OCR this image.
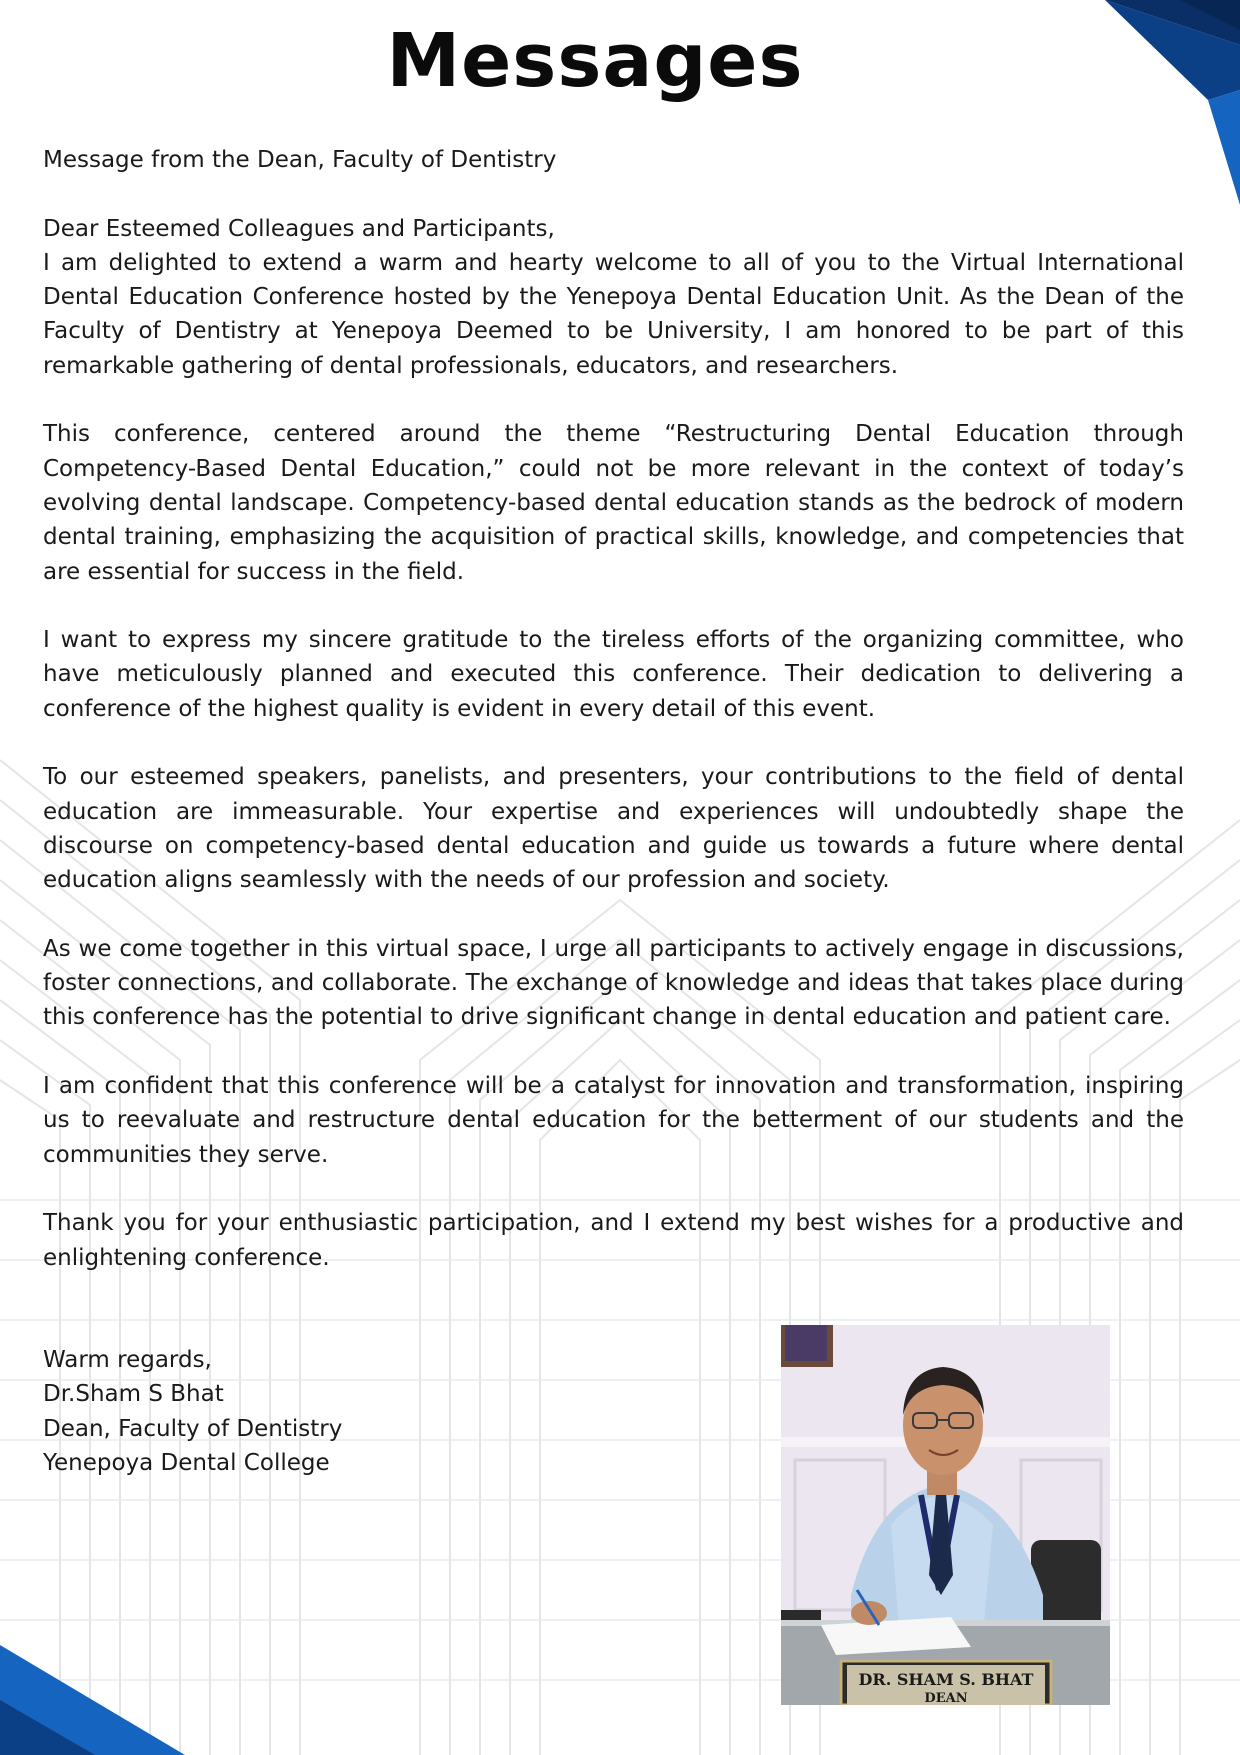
Messages

Message from the Dean, Faculty of Dentistry

Dear Esteemed Colleagues and Participants,

I am delighted to extend a warm and hearty welcome to all of you to the Virtual International Dental Education Conference hosted by the Yenepoya Dental Education Unit. As the Dean of the Faculty of Dentistry at Yenepoya Deemed to be University, I am honored to be part of this remarkable gathering of dental professionals, educators, and researchers.

This conference, centered around the theme “Restructuring Dental Education through Competency-Based Dental Education,” could not be more relevant in the context of today’s evolving dental landscape. Competency-based dental education stands as the bedrock of modern dental training, emphasizing the acquisition of practical skills, knowledge, and competencies that are essential for success in the field.

I want to express my sincere gratitude to the tireless efforts of the organizing committee, who have meticulously planned and executed this conference. Their dedication to delivering a conference of the highest quality is evident in every detail of this event.

To our esteemed speakers, panelists, and presenters, your contributions to the field of dental education are immeasurable. Your expertise and experiences will undoubtedly shape the discourse on competency-based dental education and guide us towards a future where dental education aligns seamlessly with the needs of our profession and society.

As we come together in this virtual space, I urge all participants to actively engage in discussions, foster connections, and collaborate. The exchange of knowledge and ideas that takes place during this conference has the potential to drive significant change in dental education and patient care.

I am confident that this conference will be a catalyst for innovation and transformation, inspiring us to reevaluate and restructure dental education for the betterment of our students and the communities they serve.

Thank you for your enthusiastic participation, and I extend my best wishes for a productive and enlightening conference.

Warm regards,
Dr.Sham S Bhat
Dean, Faculty of Dentistry
Yenepoya Dental College
DR. SHAM S. BHAT
DEAN
